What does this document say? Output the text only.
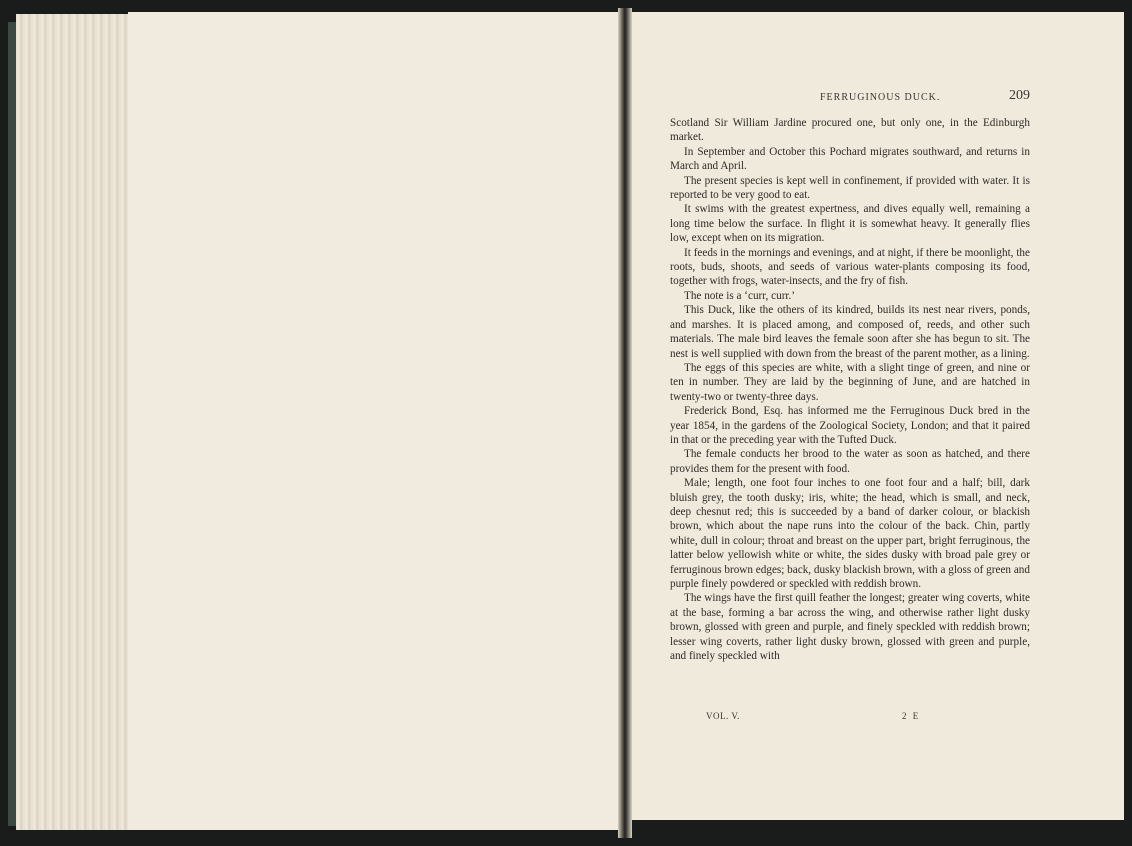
FERRUGINOUS DUCK.	209

Scotland Sir William Jardine procured one, but only one, in the Edinburgh market.

In September and October this Pochard migrates southward, and returns in March and April.

The present species is kept well in confinement, if provided with water. It is reported to be very good to eat.

It swims with the greatest expertness, and dives equally well, remaining a long time below the surface. In flight it is somewhat heavy. It generally flies low, except when on its migration.

It feeds in the mornings and evenings, and at night, if there be moonlight, the roots, buds, shoots, and seeds of various water-plants composing its food, together with frogs, water-insects, and the fry of fish.

The note is a ‘curr, curr.’

This Duck, like the others of its kindred, builds its nest near rivers, ponds, and marshes. It is placed among, and composed of, reeds, and other such materials. The male bird leaves the female soon after she has begun to sit. The nest is well supplied with down from the breast of the parent mother, as a lining.

The eggs of this species are white, with a slight tinge of green, and nine or ten in number. They are laid by the beginning of June, and are hatched in twenty-two or twenty-three days.

Frederick Bond, Esq. has informed me the Ferruginous Duck bred in the year 1854, in the gardens of the Zoological Society, London; and that it paired in that or the preceding year with the Tufted Duck.

The female conducts her brood to the water as soon as hatched, and there provides them for the present with food.

Male; length, one foot four inches to one foot four and a half; bill, dark bluish grey, the tooth dusky; iris, white; the head, which is small, and neck, deep chesnut red; this is succeeded by a band of darker colour, or blackish brown, which about the nape runs into the colour of the back. Chin, partly white, dull in colour; throat and breast on the upper part, bright ferruginous, the latter below yellowish white or white, the sides dusky with broad pale grey or ferruginous brown edges; back, dusky blackish brown, with a gloss of green and purple finely powdered or speckled with reddish brown.

The wings have the first quill feather the longest; greater wing coverts, white at the base, forming a bar across the wing, and otherwise rather light dusky brown, glossed with green and purple, and finely speckled with reddish brown; lesser wing coverts, rather light dusky brown, glossed with green and purple, and finely speckled with

VOL. V.	2 E
